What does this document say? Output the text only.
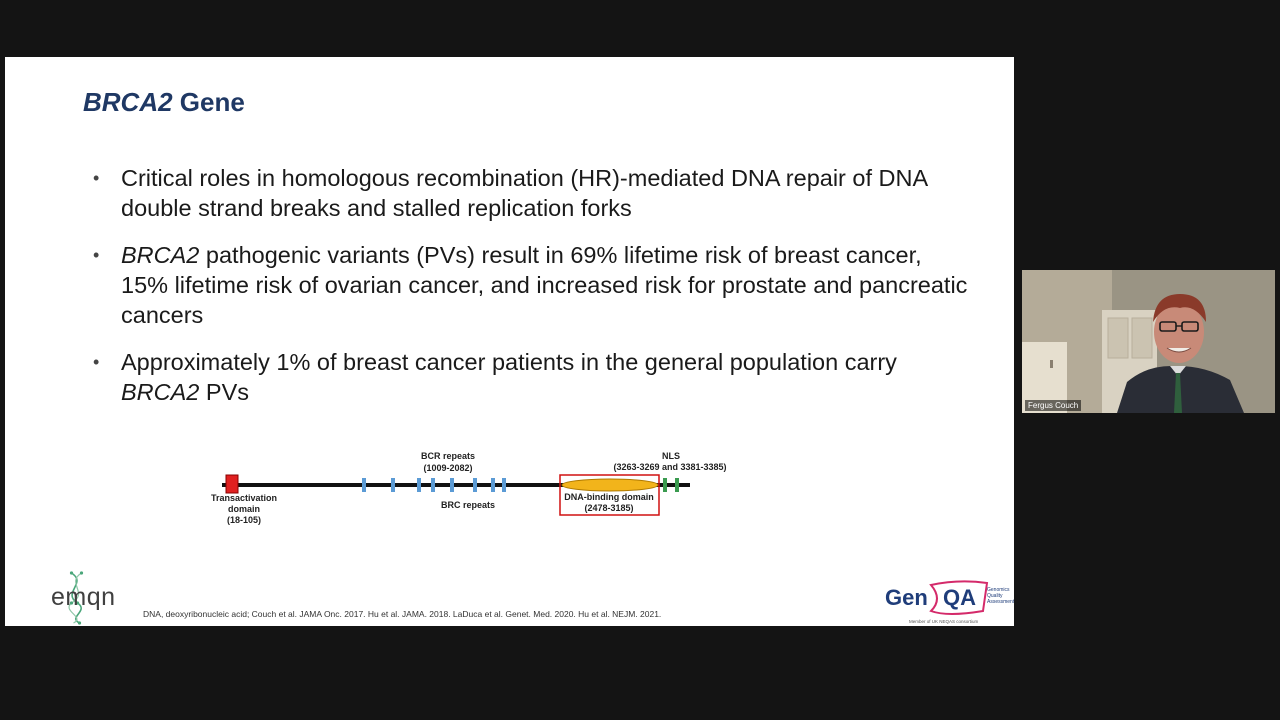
BRCA2 Gene
• Critical roles in homologous recombination (HR)-mediated DNA repair of DNA double strand breaks and stalled replication forks
• BRCA2 pathogenic variants (PVs) result in 69% lifetime risk of breast cancer, 15% lifetime risk of ovarian cancer, and increased risk for prostate and pancreatic cancers
• Approximately 1% of breast cancer patients in the general population carry BRCA2 PVs
BCR repeats
(1009-2082)
NLS
(3263-3269 and 3381-3385)
Transactivation
domain
(18-105)
BRC repeats
DNA-binding domain
(2478-3185)
emqn
DNA, deoxyribonucleic acid; Couch et al. JAMA Onc. 2017. Hu et al. JAMA. 2018. LaDuca et al. Genet. Med. 2020. Hu et al. NEJM. 2021.
Gen QA Genomics
Quality
Assessment
Member of UK NEQAS consortium
Fergus Couch
